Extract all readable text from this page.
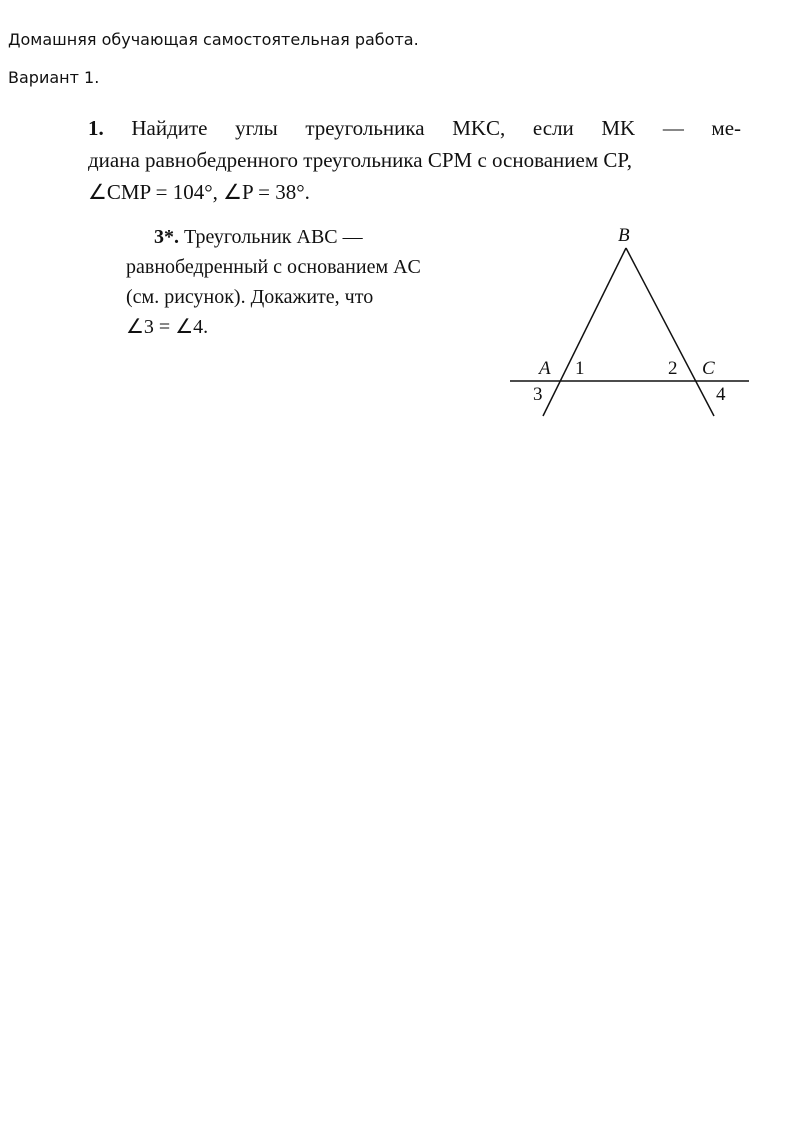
Домашняя обучающая самостоятельная работа.
Вариант 1.
1. Найдите углы треугольника MKC, если MK — ме-
диана равнобедренного треугольника CPM с основанием CP,
∠CMP = 104°, ∠P = 38°.
3*. Треугольник ABC —
равнобедренный с основанием AC
(см. рисунок). Докажите, что
∠3 = ∠4.
B
A	C
1	2
3	4
